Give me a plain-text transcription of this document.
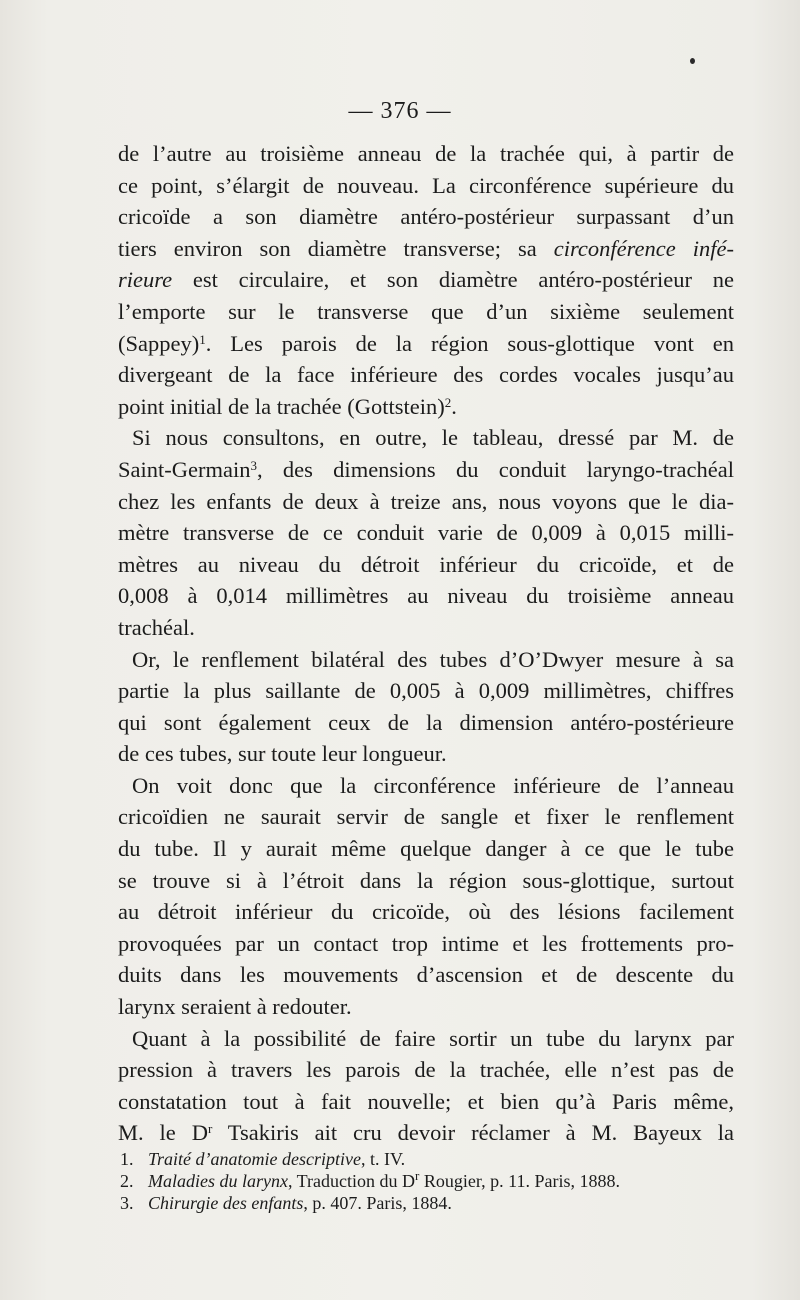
— 376 —
de l’autre au troisième anneau de la trachée qui, à partir de
ce point, s’élargit de nouveau. La circonférence supérieure du
cricoïde a son diamètre antéro-postérieur surpassant d’un
tiers environ son diamètre transverse; sa circonférence infé-
rieure est circulaire, et son diamètre antéro-postérieur ne
l’emporte sur le transverse que d’un sixième seulement
(Sappey)$^1$. Les parois de la région sous-glottique vont en
divergeant de la face inférieure des cordes vocales jusqu’au
point initial de la trachée (Gottstein)$^2$.
Si nous consultons, en outre, le tableau, dressé par M. de
Saint-Germain$^3$, des dimensions du conduit laryngo-trachéal
chez les enfants de deux à treize ans, nous voyons que le dia-
mètre transverse de ce conduit varie de 0,009 à 0,015 milli-
mètres au niveau du détroit inférieur du cricoïde, et de
0,008 à 0,014 millimètres au niveau du troisième anneau
trachéal.
Or, le renflement bilatéral des tubes d’O’Dwyer mesure à sa
partie la plus saillante de 0,005 à 0,009 millimètres, chiffres
qui sont également ceux de la dimension antéro-postérieure
de ces tubes, sur toute leur longueur.
On voit donc que la circonférence inférieure de l’anneau
cricoïdien ne saurait servir de sangle et fixer le renflement
du tube. Il y aurait même quelque danger à ce que le tube
se trouve si à l’étroit dans la région sous-glottique, surtout
au détroit inférieur du cricoïde, où des lésions facilement
provoquées par un contact trop intime et les frottements pro-
duits dans les mouvements d’ascension et de descente du
larynx seraient à redouter.
Quant à la possibilité de faire sortir un tube du larynx par
pression à travers les parois de la trachée, elle n’est pas de
constatation tout à fait nouvelle; et bien qu’à Paris même,
M. le $D^r$ Tsakiris ait cru devoir réclamer à M. Bayeux la
1. Traité d’anatomie descriptive, t. IV.
2. Maladies du larynx, Traduction du $D^r$ Rougier, p. 11. Paris, 1888.
3. Chirurgie des enfants, p. 407. Paris, 1884.
